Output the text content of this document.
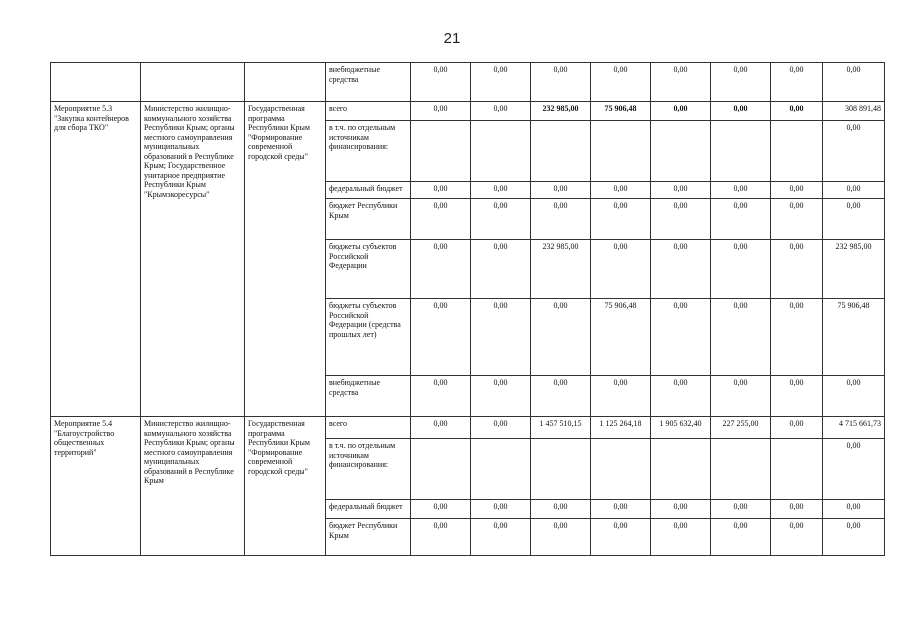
21
			внебюджетные средства	0,00	0,00	0,00	0,00	0,00	0,00	0,00	0,00
Мероприятие 5.3 "Закупка контейнеров для сбора ТКО"	Министерство жилищно-коммунального хозяйства Республики Крым; органы местного самоуправления муниципальных образований в Республике Крым; Государственное унитарное предприятие Республики Крым "Крымэкоресурсы"	Государственная программа Республики Крым "Формирование современной городской среды"	всего	0,00	0,00	232 985,00	75 906,48	0,00	0,00	0,00	308 891,48
			в т.ч. по отдельным источникам финансирования:								0,00
			федеральный бюджет	0,00	0,00	0,00	0,00	0,00	0,00	0,00	0,00
			бюджет Республики Крым	0,00	0,00	0,00	0,00	0,00	0,00	0,00	0,00
			бюджеты субъектов Российской Федерации	0,00	0,00	232 985,00	0,00	0,00	0,00	0,00	232 985,00
			бюджеты субъектов Российской Федерации (средства прошлых лет)	0,00	0,00	0,00	75 906,48	0,00	0,00	0,00	75 906,48
			внебюджетные средства	0,00	0,00	0,00	0,00	0,00	0,00	0,00	0,00
Мероприятие 5.4 "Благоустройство общественных территорий"	Министерство жилищно-коммунального хозяйства Республики Крым; органы местного самоуправления муниципальных образований в Республике Крым	Государственная программа Республики Крым "Формирование современной городской среды"	всего	0,00	0,00	1 457 510,15	1 125 264,18	1 905 632,40	227 255,00	0,00	4 715 661,73
			в т.ч. по отдельным источникам финансирования:								0,00
			федеральный бюджет	0,00	0,00	0,00	0,00	0,00	0,00	0,00	0,00
			бюджет Республики Крым	0,00	0,00	0,00	0,00	0,00	0,00	0,00	0,00
